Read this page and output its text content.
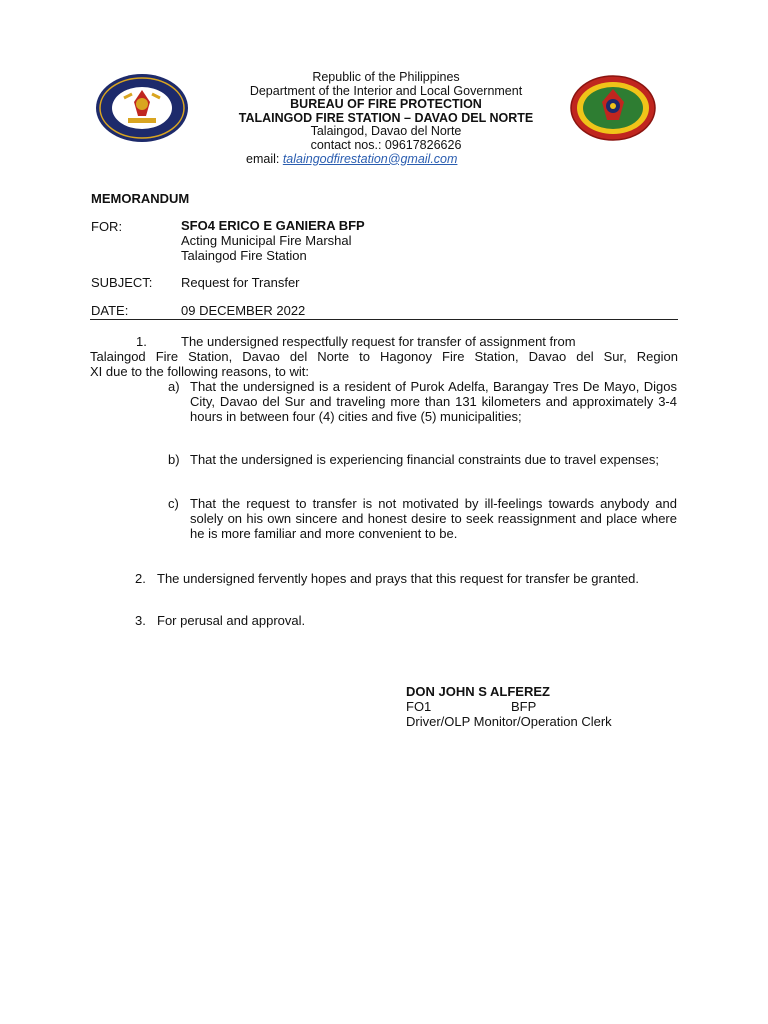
Republic of the Philippines
Department of the Interior and Local Government
BUREAU OF FIRE PROTECTION
TALAINGOD FIRE STATION – DAVAO DEL NORTE
Talaingod, Davao del Norte
contact nos.: 09617826626
email: talaingodfirestation@gmail.com
MEMORANDUM
FOR:	SFO4 ERICO E GANIERA BFP
Acting Municipal Fire Marshal
Talaingod Fire Station
SUBJECT: Request for Transfer
DATE:	09 DECEMBER 2022
1.	The undersigned respectfully request for transfer of assignment from
Talaingod Fire Station, Davao del Norte to Hagonoy Fire Station, Davao del Sur, Region
XI due to the following reasons, to wit:
a) That the undersigned is a resident of Purok Adelfa, Barangay Tres De Mayo, Digos City, Davao del Sur and traveling more than 131 kilometers and approximately 3-4 hours in between four (4) cities and five (5) municipalities;
b) That the undersigned is experiencing financial constraints due to travel expenses;
c) That the request to transfer is not motivated by ill-feelings towards anybody and solely on his own sincere and honest desire to seek reassignment and place where he is more familiar and more convenient to be.
2. The undersigned fervently hopes and prays that this request for transfer be granted.
3. For perusal and approval.
DON JOHN S ALFEREZ
FO1	BFP
Driver/OLP Monitor/Operation Clerk
